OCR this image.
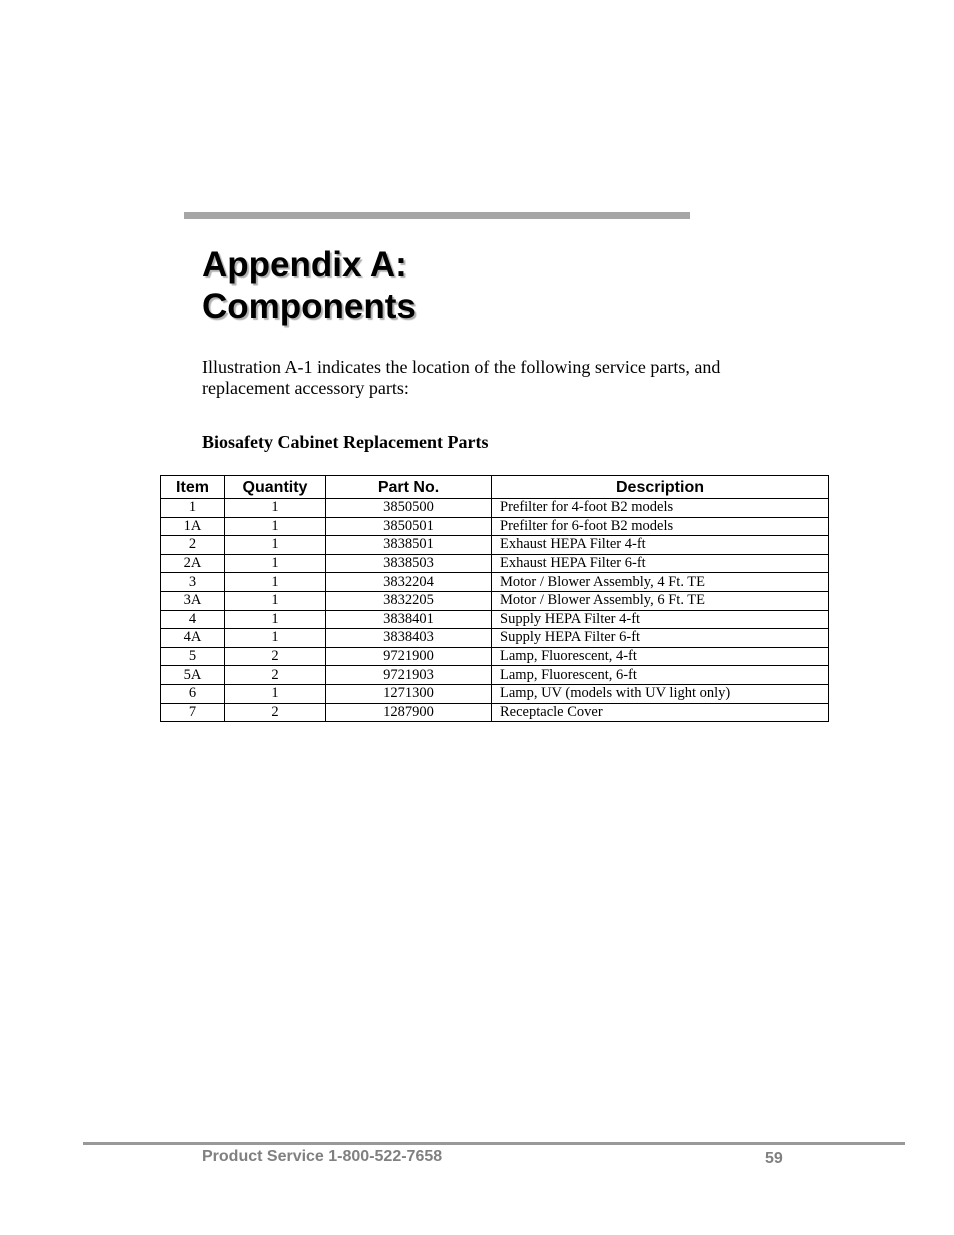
Appendix A:
Components

Illustration A-1 indicates the location of the following service parts, and
replacement accessory parts:

Biosafety Cabinet Replacement Parts

Item	Quantity	Part No.	Description
1	1	3850500	Prefilter for 4-foot B2 models
1A	1	3850501	Prefilter for 6-foot B2 models
2	1	3838501	Exhaust HEPA Filter 4-ft
2A	1	3838503	Exhaust HEPA Filter 6-ft
3	1	3832204	Motor / Blower Assembly, 4 Ft. TE
3A	1	3832205	Motor / Blower Assembly, 6 Ft. TE
4	1	3838401	Supply HEPA Filter 4-ft
4A	1	3838403	Supply HEPA Filter 6-ft
5	2	9721900	Lamp, Fluorescent, 4-ft
5A	2	9721903	Lamp, Fluorescent, 6-ft
6	1	1271300	Lamp, UV (models with UV light only)
7	2	1287900	Receptacle Cover
Product Service 1-800-522-7658	59
